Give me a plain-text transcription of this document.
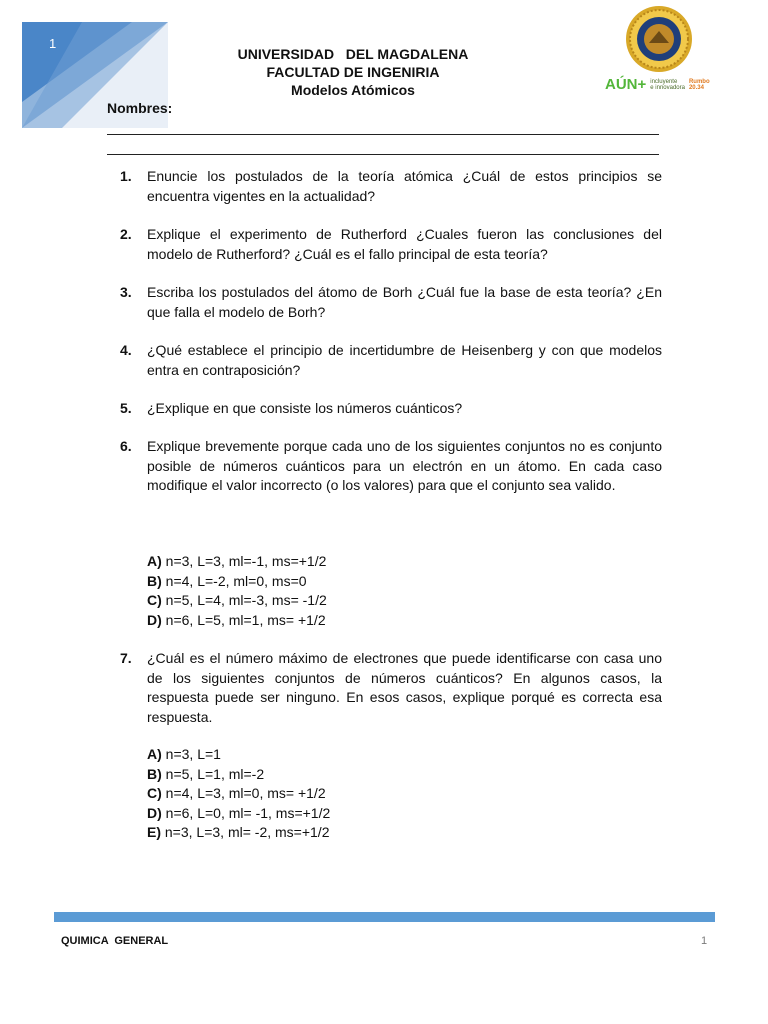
1
UNIVERSIDAD   DEL MAGDALENA
FACULTAD DE INGENIRIA
Modelos Atómicos	AÚN+ incluyente
e innovadora
Rumbo
20.34
Nombres:
1. Enuncie los postulados de la teoría atómica ¿Cuál de estos principios se encuentra vigentes en la actualidad?
2. Explique el experimento de Rutherford ¿Cuales fueron las conclusiones del modelo de Rutherford? ¿Cuál es el fallo principal de esta teoría?
3. Escriba los postulados del átomo de Borh ¿Cuál fue la base de esta teoría? ¿En que falla el modelo de Borh?
4. ¿Qué establece el principio de incertidumbre de Heisenberg y con que modelos entra en contraposición?
5. ¿Explique en que consiste los números cuánticos?
6. Explique brevemente porque cada uno de los siguientes conjuntos no es conjunto posible de números cuánticos para un electrón en un átomo. En cada caso modifique el valor incorrecto (o los valores) para que el conjunto sea valido.
A) n=3, L=3, ml=-1, ms=+1/2
B) n=4, L=-2, ml=0, ms=0
C) n=5, L=4, ml=-3, ms= -1/2
D) n=6, L=5, ml=1, ms= +1/2
7. ¿Cuál es el número máximo de electrones que puede identificarse con casa uno de los siguientes conjuntos de números cuánticos? En algunos casos, la respuesta puede ser ninguno. En esos casos, explique porqué es correcta esa respuesta.
A) n=3, L=1
B) n=5, L=1, ml=-2
C) n=4, L=3, ml=0, ms= +1/2
D) n=6, L=0, ml= -1, ms=+1/2
E) n=3, L=3, ml= -2, ms=+1/2
QUIMICA  GENERAL	1
